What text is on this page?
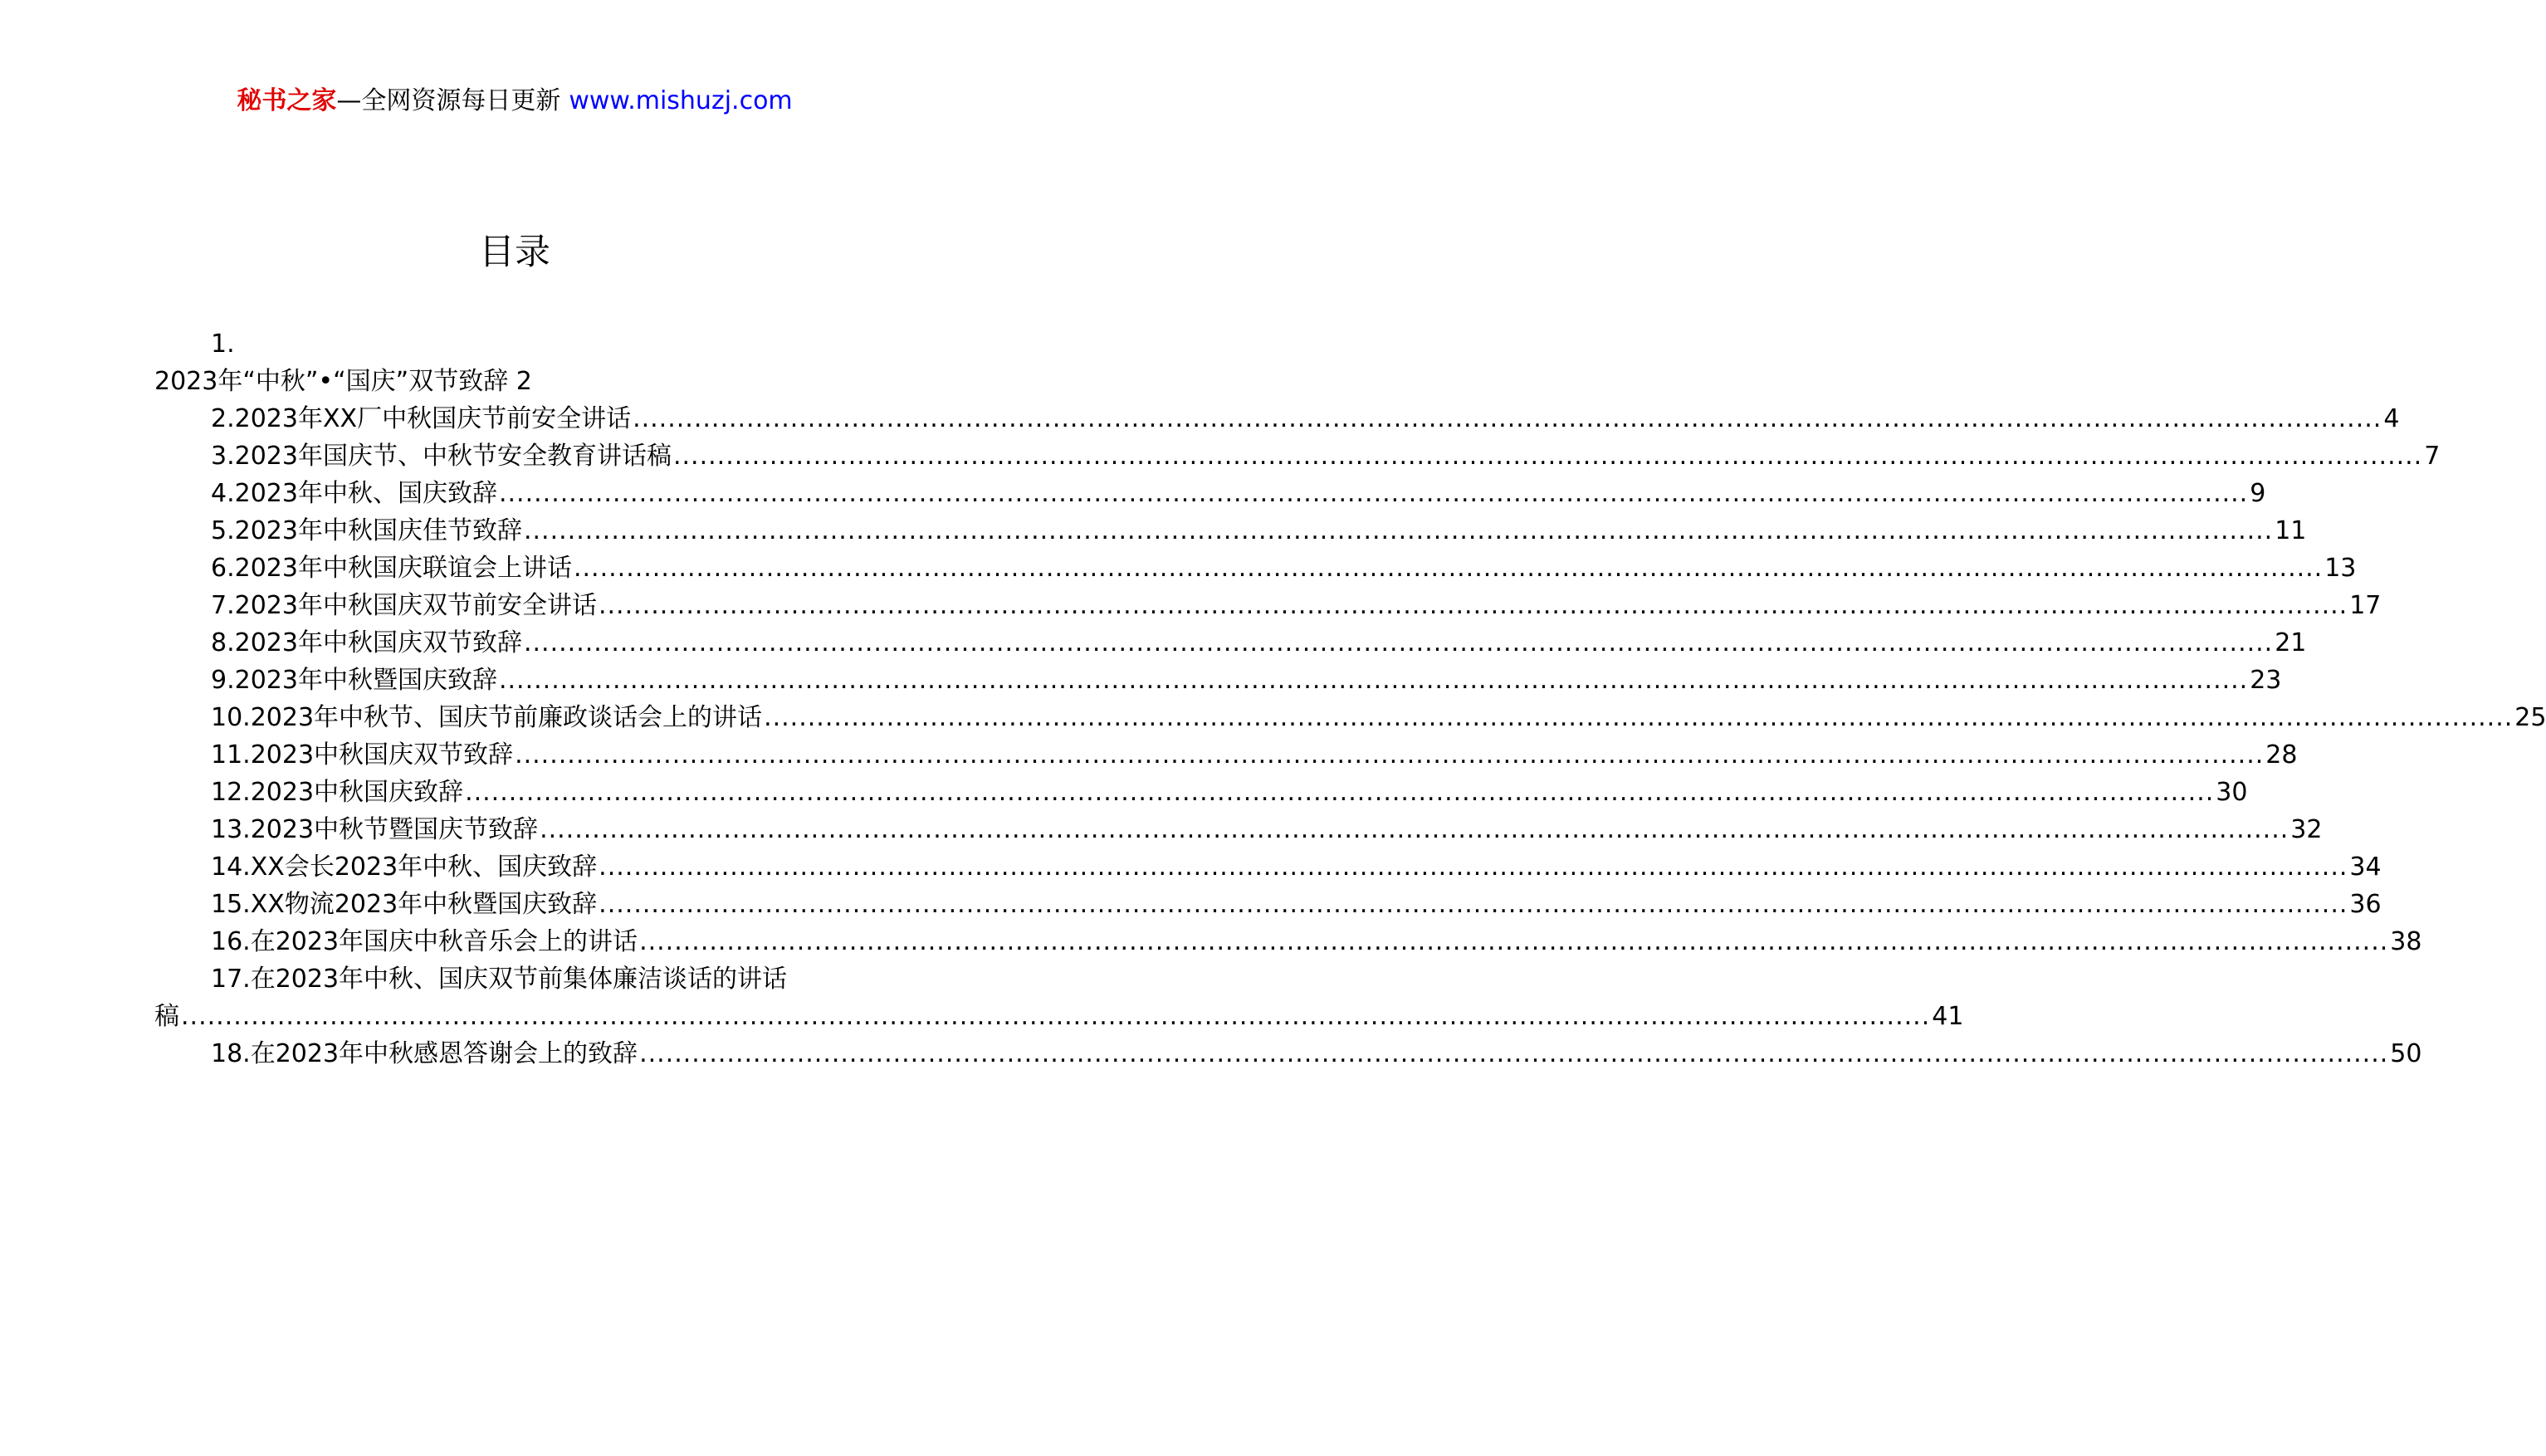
秘书之家—全网资源每日更新 www.mishuzj.com
目录
1.
2023年“中秋”•“国庆”双节致辞 2
2.2023年XX厂中秋国庆节前安全讲话 ........................................................................................................................................................................................................ 4
3.2023年国庆节、中秋节安全教育讲话稿 ........................................................................................................................................................................................................ 7
4.2023年中秋、国庆致辞 ........................................................................................................................................................................................................ 9
5.2023年中秋国庆佳节致辞 ........................................................................................................................................................................................................ 11
6.2023年中秋国庆联谊会上讲话 ........................................................................................................................................................................................................ 13
7.2023年中秋国庆双节前安全讲话 ........................................................................................................................................................................................................ 17
8.2023年中秋国庆双节致辞 ........................................................................................................................................................................................................ 21
9.2023年中秋暨国庆致辞 ........................................................................................................................................................................................................ 23
10.2023年中秋节、国庆节前廉政谈话会上的讲话 ........................................................................................................................................................................................................ 25
11.2023中秋国庆双节致辞 ........................................................................................................................................................................................................ 28
12.2023中秋国庆致辞 ........................................................................................................................................................................................................ 30
13.2023中秋节暨国庆节致辞 ........................................................................................................................................................................................................ 32
14.XX会长2023年中秋、国庆致辞 ........................................................................................................................................................................................................ 34
15.XX物流2023年中秋暨国庆致辞 ........................................................................................................................................................................................................ 36
16.在2023年国庆中秋音乐会上的讲话 ........................................................................................................................................................................................................ 38
17.在2023年中秋、国庆双节前集体廉洁谈话的讲话
稿 ........................................................................................................................................................................................................ 41
18.在2023年中秋感恩答谢会上的致辞 ........................................................................................................................................................................................................ 50
